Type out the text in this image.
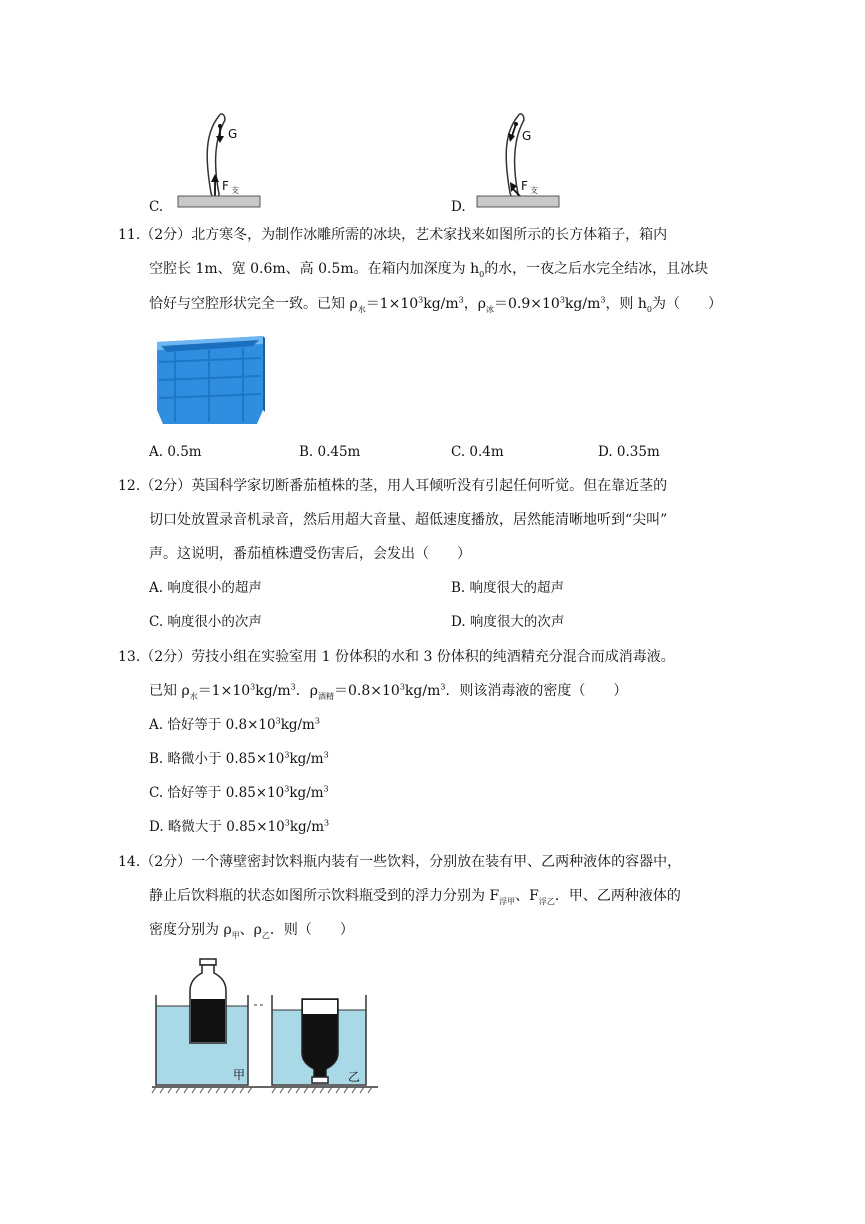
C.
G
F 支
D.
G
F 支
11.（2分）北方寒冬，为制作冰雕所需的冰块，艺术家找来如图所示的长方体箱子，箱内
空腔长 1m、宽 0.6m、高 0.5m。在箱内加深度为 $h_0$的水，一夜之后水完全结冰，且冰块
恰好与空腔形状完全一致。已知 $\rho_水=1\times 10^3kg/m^3$，$\rho_冰=0.9\times 10^3kg/m^3$，则 $h_0$为（　　）
A. 0.5m	B. 0.45m	C. 0.4m	D. 0.35m
12.（2分）英国科学家切断番茄植株的茎，用人耳倾听没有引起任何听觉。但在靠近茎的
切口处放置录音机录音，然后用超大音量、超低速度播放，居然能清晰地听到“尖叫”
声。这说明，番茄植株遭受伤害后，会发出（　　）
A. 响度很小的超声	B. 响度很大的超声
C. 响度很小的次声	D. 响度很大的次声
13.（2分）劳技小组在实验室用 1 份体积的水和 3 份体积的纯酒精充分混合而成消毒液。
已知 $\rho_水=1\times 10^3kg/m^3$．$\rho_{酒精}=0.8\times 10^3kg/m^3$．则该消毒液的密度（　　）
A. 恰好等于 $0.8\times 10^3kg/m^3$
B. 略微小于 $0.85\times 10^3kg/m^3$
C. 恰好等于 $0.85\times 10^3kg/m^3$
D. 略微大于 $0.85\times 10^3kg/m^3$
14.（2分）一个薄壁密封饮料瓶内装有一些饮料，分别放在装有甲、乙两种液体的容器中，
静止后饮料瓶的状态如图所示饮料瓶受到的浮力分别为 $F_{浮甲}$、$F_{浮乙}$．甲、乙两种液体的
密度分别为 $\rho_甲$、$\rho_乙$．则（　　）
甲	乙
